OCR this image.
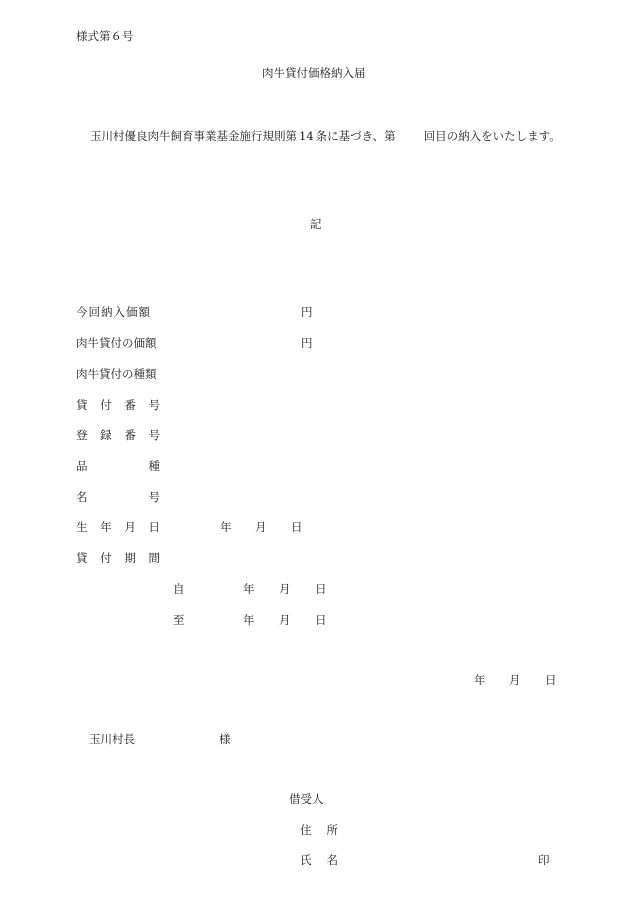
様式第６号
肉牛貸付価格納入届
玉川村優良肉牛飼育事業基金施行規則第 14 条に基づき、第 回目の納入をいたします。
記
今回納入価額	円
肉牛貸付の価額	円
肉牛貸付の種類
貸 付 番 号
登 録 番 号
品	種
名	号
生 年 月 日	年 月 日
貸 付 期 間
自	年 月 日
至	年 月 日
年 月 日
玉川村長	様
借受人
住 所
氏 名	印
